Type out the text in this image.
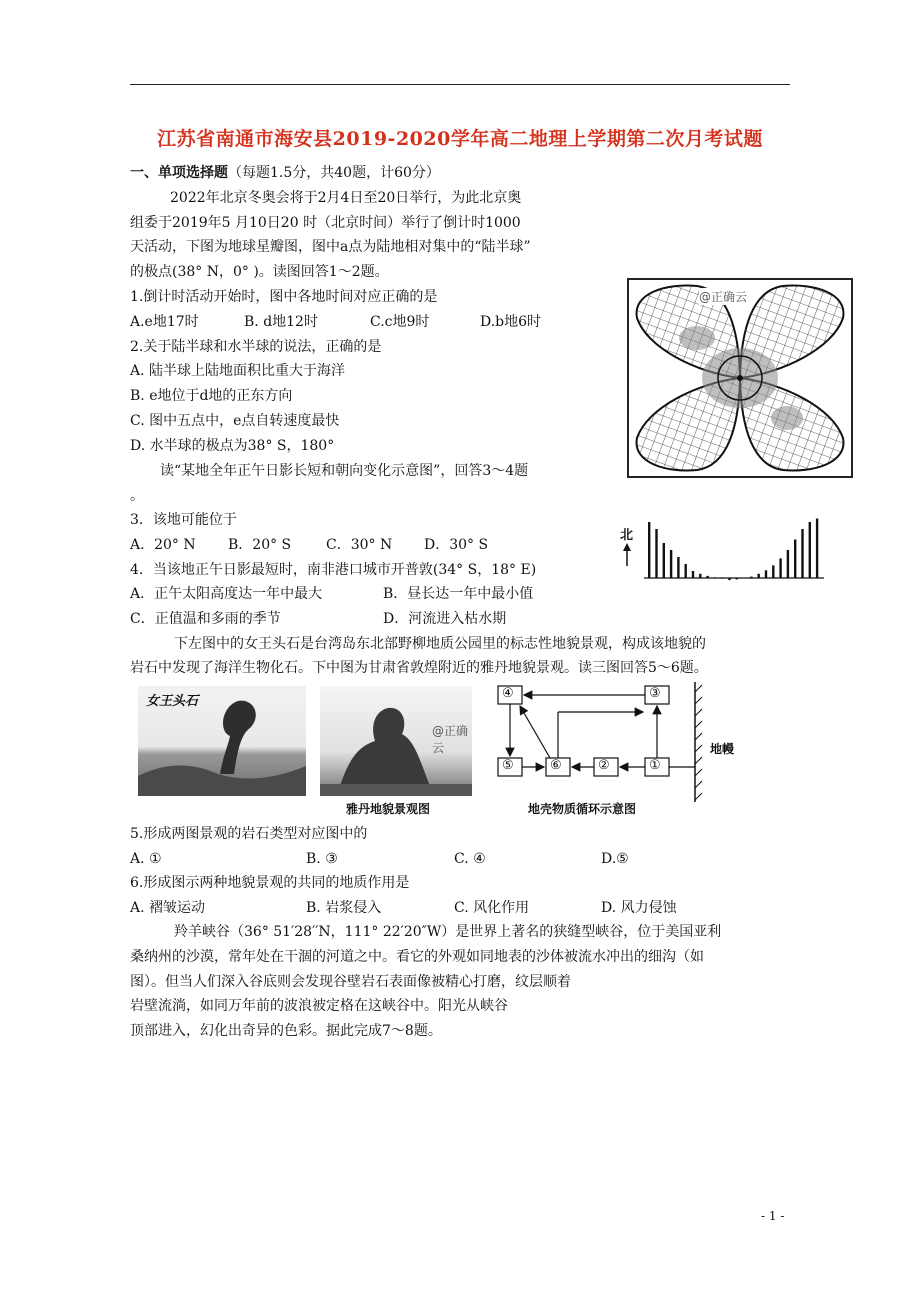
江苏省南通市海安县2019-2020学年高二地理上学期第二次月考试题
一、单项选择题（每题1.5分，共40题，计60分）
2022年北京冬奥会将于2月4日至20日举行，为此北京奥
组委于2019年5 月10日20 时（北京时间）举行了倒计时1000
天活动，下图为地球星瓣图，图中a点为陆地相对集中的“陆半球”
的极点(38° N，0° )。读图回答1～2题。
1.倒计时活动开始时，图中各地时间对应正确的是
A.e地17时	B. d地12时	C.c地9时	D.b地6时
2.关于陆半球和水半球的说法，正确的是
A. 陆半球上陆地面积比重大于海洋
B. e地位于d地的正东方向
C. 图中五点中，e点自转速度最快
D. 水半球的极点为38° S，180°
读“某地全年正午日影长短和朝向变化示意图”，回答3～4题
。
3．该地可能位于
A．20° N B．20° S C．30° N D．30° S
4．当该地正午日影最短时，南非港口城市开普敦(34° S，18° E)
A．正午太阳高度达一年中最大	B．昼长达一年中最小值
C．正值温和多雨的季节	D．河流进入枯水期
下左图中的女王头石是台湾岛东北部野柳地质公园里的标志性地貌景观，构成该地貌的
岩石中发现了海洋生物化石。下中图为甘肃省敦煌附近的雅丹地貌景观。读三图回答5～6题。
5.形成两图景观的岩石类型对应图中的
A. ①	B. ③	C. ④	D.⑤
6.形成图示两种地貌景观的共同的地质作用是
A. 褶皱运动	B. 岩浆侵入	C. 风化作用	D. 风力侵蚀
羚羊峡谷（36° 51′28′′N，111° 22′20″W）是世界上著名的狭缝型峡谷，位于美国亚利
桑纳州的沙漠，常年处在干涸的河道之中。看它的外观如同地表的沙体被流水冲出的细沟（如
图）。但当人们深入谷底则会发现谷壁岩石表面像被精心打磨，纹层顺着
岩壁流淌，如同万年前的波浪被定格在这峡谷中。阳光从峡谷
顶部进入，幻化出奇异的色彩。据此完成7～8题。
@正确云
北
女王头石
@正确云
雅丹地貌景观图
④	③
⑤	⑥	②	①
地幔
地壳物质循环示意图
- 1 -
